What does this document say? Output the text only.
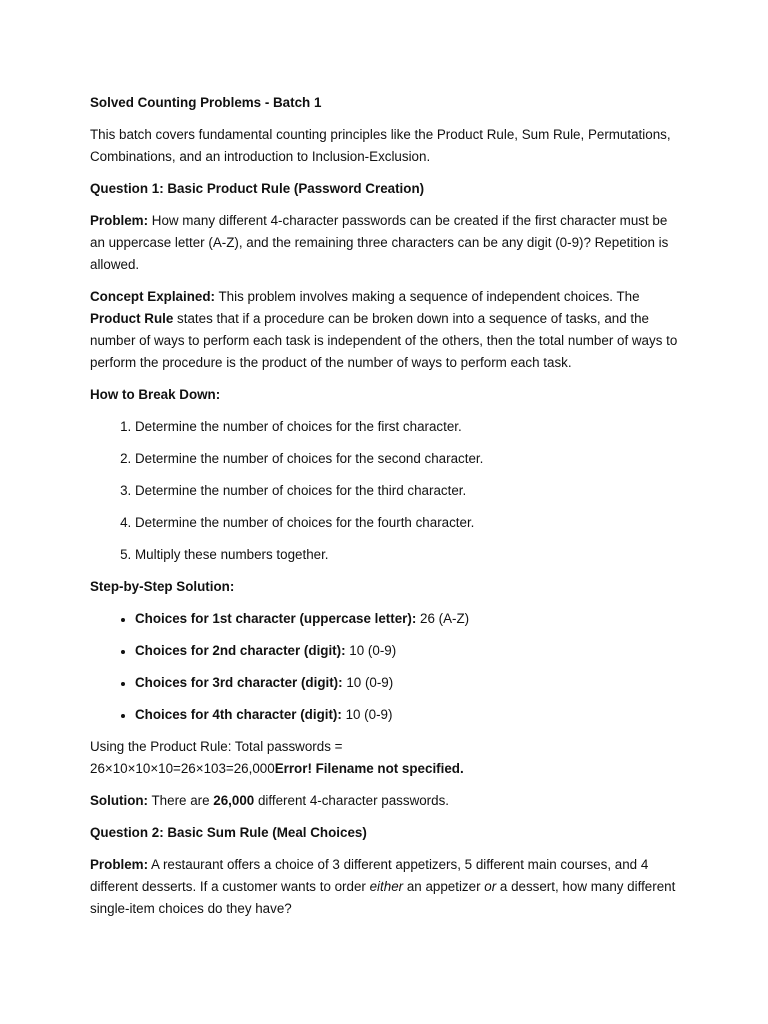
Solved Counting Problems - Batch 1

This batch covers fundamental counting principles like the Product Rule, Sum Rule, Permutations, Combinations, and an introduction to Inclusion-Exclusion.

Question 1: Basic Product Rule (Password Creation)

Problem: How many different 4-character passwords can be created if the first character must be an uppercase letter (A-Z), and the remaining three characters can be any digit (0-9)? Repetition is allowed.

Concept Explained: This problem involves making a sequence of independent choices. The Product Rule states that if a procedure can be broken down into a sequence of tasks, and the number of ways to perform each task is independent of the others, then the total number of ways to perform the procedure is the product of the number of ways to perform each task.

How to Break Down:

1. Determine the number of choices for the first character.
2. Determine the number of choices for the second character.
3. Determine the number of choices for the third character.
4. Determine the number of choices for the fourth character.
5. Multiply these numbers together.

Step-by-Step Solution:

• Choices for 1st character (uppercase letter): 26 (A-Z)
• Choices for 2nd character (digit): 10 (0-9)
• Choices for 3rd character (digit): 10 (0-9)
• Choices for 4th character (digit): 10 (0-9)

Using the Product Rule: Total passwords =
26×10×10×10=26×103=26,000Error! Filename not specified.

Solution: There are 26,000 different 4-character passwords.

Question 2: Basic Sum Rule (Meal Choices)

Problem: A restaurant offers a choice of 3 different appetizers, 5 different main courses, and 4 different desserts. If a customer wants to order either an appetizer or a dessert, how many different single-item choices do they have?
